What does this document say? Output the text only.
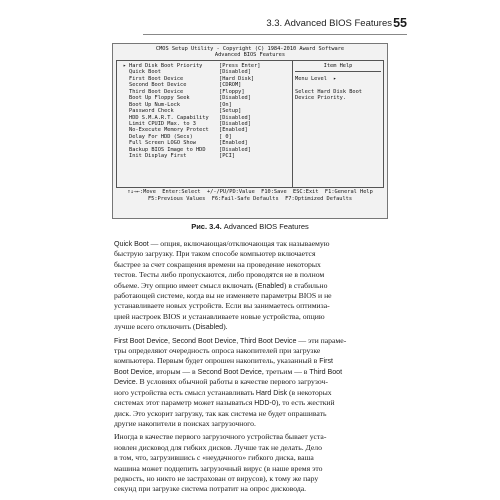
3.3. Advanced BIOS Features 55
CMOS Setup Utility - Copyright (C) 1984-2010 Award Software
Advanced BIOS Features
▸ Hard Disk Boot Priority	[Press Enter]
Quick Boot	[Disabled]
First Boot Device	[Hard Disk]
Second Boot Device	[CDROM]
Third Boot Device	[Floppy]
Boot Up Floppy Seek	[Disabled]
Boot Up Num-Lock	[On]
Password Check	[Setup]
HDD S.M.A.R.T. Capability [Disabled]
Limit CPUID Max. to 3	[Disabled]
No-Execute Memory Protect [Enabled]
Delay For HDD (Secs)	[ 0]
Full Screen LOGO Show	[Enabled]
Backup BIOS Image to HDD	[Disabled]
Init Display First	[PCI]
Item Help
Menu Level  ▸
Select Hard Disk Boot
Device Priority.
↑↓→←:Move  Enter:Select  +/-/PU/PD:Value  F10:Save  ESC:Exit  F1:General Help
F5:Previous Values  F6:Fail-Safe Defaults  F7:Optimized Defaults
Рис. 3.4. Advanced BIOS Features

Quick Boot — опция, включающая/отключающая так называемую
быструю загрузку. При таком способе компьютер включается
быстрее за счет сокращения времени на проведение некоторых
тестов. Тесты либо пропускаются, либо проводятся не в полном
объеме. Эту опцию имеет смысл включать (Enabled) в стабильно
работающей системе, когда вы не изменяете параметры BIOS и не
устанавливаете новых устройств. Если вы занимаетесь оптимиза-
цией настроек BIOS и устанавливаете новые устройства, опцию
лучше всего отключить (Disabled).

First Boot Device, Second Boot Device, Third Boot Device — эти параме-
тры определяют очередность опроса накопителей при загрузке
компьютера. Первым будет опрошен накопитель, указанный в First
Boot Device, вторым — в Second Boot Device, третьим — в Third Boot
Device. В условиях обычной работы в качестве первого загрузоч-
ного устройства есть смысл устанавливать Hard Disk (в некоторых
системах этот параметр может называться HDD-0), то есть жесткий
диск. Это ускорит загрузку, так как система не будет опрашивать
другие накопители в поисках загрузочного.

Иногда в качестве первого загрузочного устройства бывает уста-
новлен дисковод для гибких дисков. Лучше так не делать. Дело
в том, что, загрузившись с «неудачного» гибкого диска, ваша
машина может подцепить загрузочный вирус (в наше время это
редкость, но никто не застрахован от вирусов), к тому же пару
секунд при загрузке система потратит на опрос дисковода.
